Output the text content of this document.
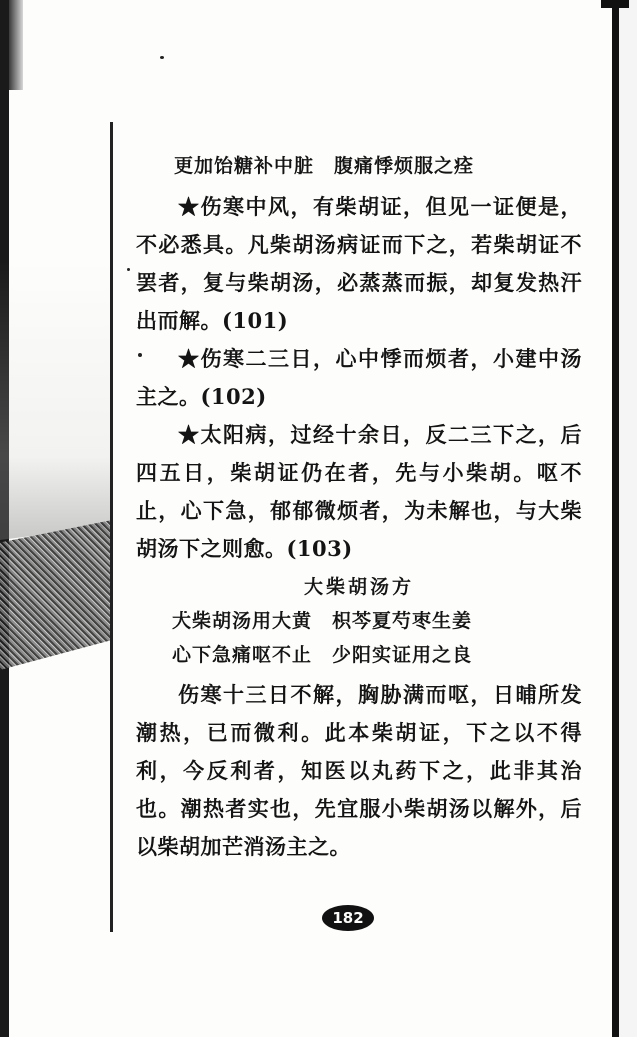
更加饴糖补中脏　腹痛悸烦服之痊

★伤寒中风，有柴胡证，但见一证便是，不必悉具。凡柴胡汤病证而下之，若柴胡证不罢者，复与柴胡汤，必蒸蒸而振，却复发热汗出而解。(101)

★伤寒二三日，心中悸而烦者，小建中汤主之。(102)

★太阳病，过经十余日，反二三下之，后四五日，柴胡证仍在者，先与小柴胡。呕不止，心下急，郁郁微烦者，为未解也，与大柴胡汤下之则愈。(103)

大柴胡汤方

大柴胡汤用大黄　枳芩夏芍枣生姜

心下急痛呕不止　少阳实证用之良

伤寒十三日不解，胸胁满而呕，日晡所发潮热，已而微利。此本柴胡证，下之以不得利，今反利者，知医以丸药下之，此非其治也。潮热者实也，先宜服小柴胡汤以解外，后以柴胡加芒消汤主之。

182
